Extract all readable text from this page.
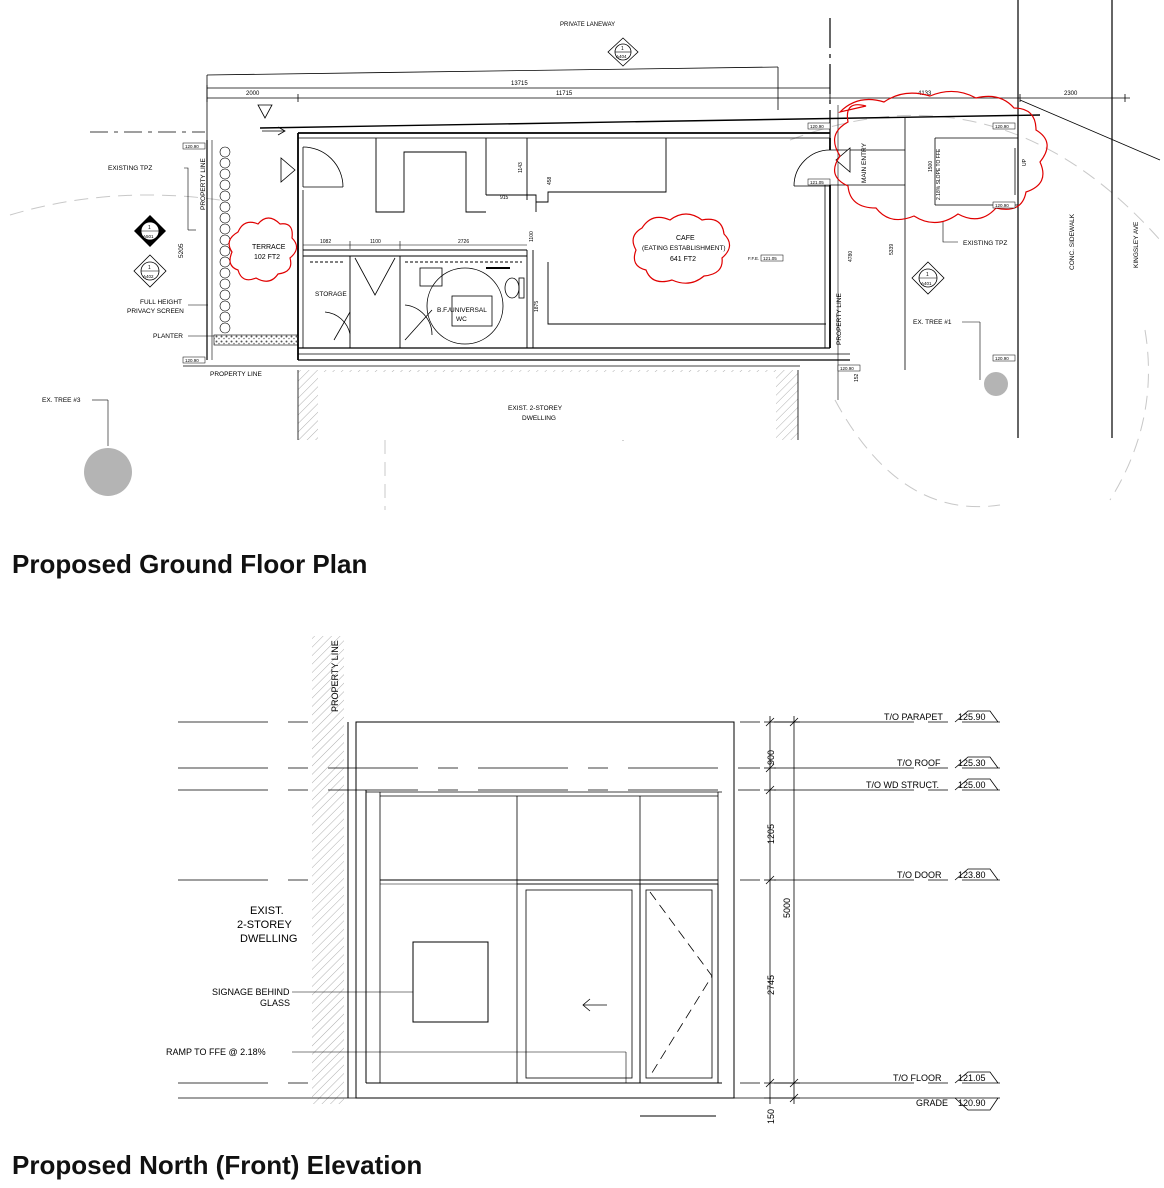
13715
2000	11715	4133	2300
PRIVATE LANEWAY
1
A404
915
1143
458
1100
1875
1082	1100	2726
TERRACE
102 FT2
CAFE
(EATING ESTABLISHMENT)
641 FT2
STORAGE
B.F./UNIVERSAL
WC
F.F.E. 121.05
120.90
120.90
120.90	120.90
120.90
121.05
120.90
120.90
EXISTING TPZ
FULL HEIGHT
PRIVACY SCREEN
PLANTER
PROPERTY LINE
PROPERTY LINE
PROPERTY LINE
5205
1
A501
1
A402	1
A401
EXIST. 2-STOREY
DWELLING
EX. TREE #3
EX. TREE #1
EXISTING TPZ
MAIN ENTRY
CONC. SIDEWALK	KINGSLEY AVE
2.18% SLOPE TO FFE
1500	UP
4780
5339
152
PROPERTY LINE
EXIST.
2-STOREY
DWELLING
SIGNAGE BEHIND
GLASS
RAMP TO FFE @ 2.18%
900
1205
5000
2745
150
T/O PARAPET 125.90
T/O ROOF 125.30
T/O WD STRUCT. 125.00
T/O DOOR 123.80
T/O FLOOR 121.05
GRADE 120.90
Proposed Ground Floor Plan
Proposed North (Front) Elevation
